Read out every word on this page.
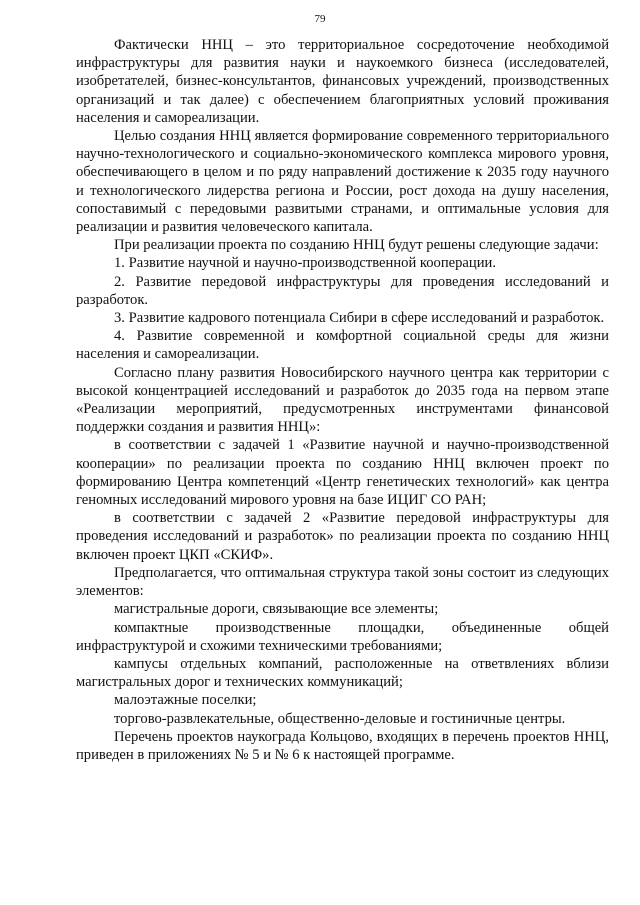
79

Фактически ННЦ – это территориальное сосредоточение необходимой инфраструктуры для развития науки и наукоемкого бизнеса (исследователей, изобретателей, бизнес-консультантов, финансовых учреждений, производственных организаций и так далее) с обеспечением благоприятных условий проживания населения и самореализации.

Целью создания ННЦ является формирование современного территориального научно-технологического и социально-экономического комплекса мирового уровня, обеспечивающего в целом и по ряду направлений достижение к 2035 году научного и технологического лидерства региона и России, рост дохода на душу населения, сопоставимый с передовыми развитыми странами, и оптимальные условия для реализации и развития человеческого капитала.

При реализации проекта по созданию ННЦ будут решены следующие задачи:

1. Развитие научной и научно-производственной кооперации.

2. Развитие передовой инфраструктуры для проведения исследований и разработок.

3. Развитие кадрового потенциала Сибири в сфере исследований и разработок.

4. Развитие современной и комфортной социальной среды для жизни населения и самореализации.

Согласно плану развития Новосибирского научного центра как территории с высокой концентрацией исследований и разработок до 2035 года на первом этапе «Реализации мероприятий, предусмотренных инструментами финансовой поддержки создания и развития ННЦ»:

в соответствии с задачей 1 «Развитие научной и научно-производственной кооперации» по реализации проекта по созданию ННЦ включен проект по формированию Центра компетенций «Центр генетических технологий» как центра геномных исследований мирового уровня на базе ИЦИГ СО РАН;

в соответствии с задачей 2 «Развитие передовой инфраструктуры для проведения исследований и разработок» по реализации проекта по созданию ННЦ включен проект ЦКП «СКИФ».

Предполагается, что оптимальная структура такой зоны состоит из следующих элементов:

магистральные дороги, связывающие все элементы;

компактные производственные площадки, объединенные общей инфраструктурой и схожими техническими требованиями;

кампусы отдельных компаний, расположенные на ответвлениях вблизи магистральных дорог и технических коммуникаций;

малоэтажные поселки;

торгово-развлекательные, общественно-деловые и гостиничные центры.

Перечень проектов наукограда Кольцово, входящих в перечень проектов ННЦ, приведен в приложениях № 5 и № 6 к настоящей программе.
